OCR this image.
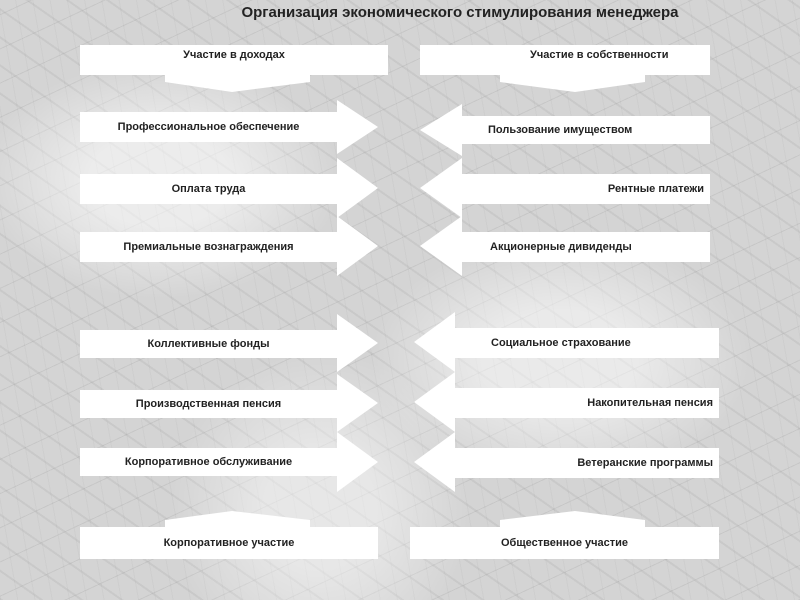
Организация экономического стимулирования менеджера
Участие в доходах
Профессиональное обеспечение
Оплата труда
Премиальные вознаграждения
Коллективные фонды
Производственная пенсия
Корпоративное обслуживание
Корпоративное участие
Участие в собственности
Пользование имуществом
Рентные платежи
Акционерные дивиденды
Социальное страхование
Накопительная пенсия
Ветеранские программы
Общественное участие
